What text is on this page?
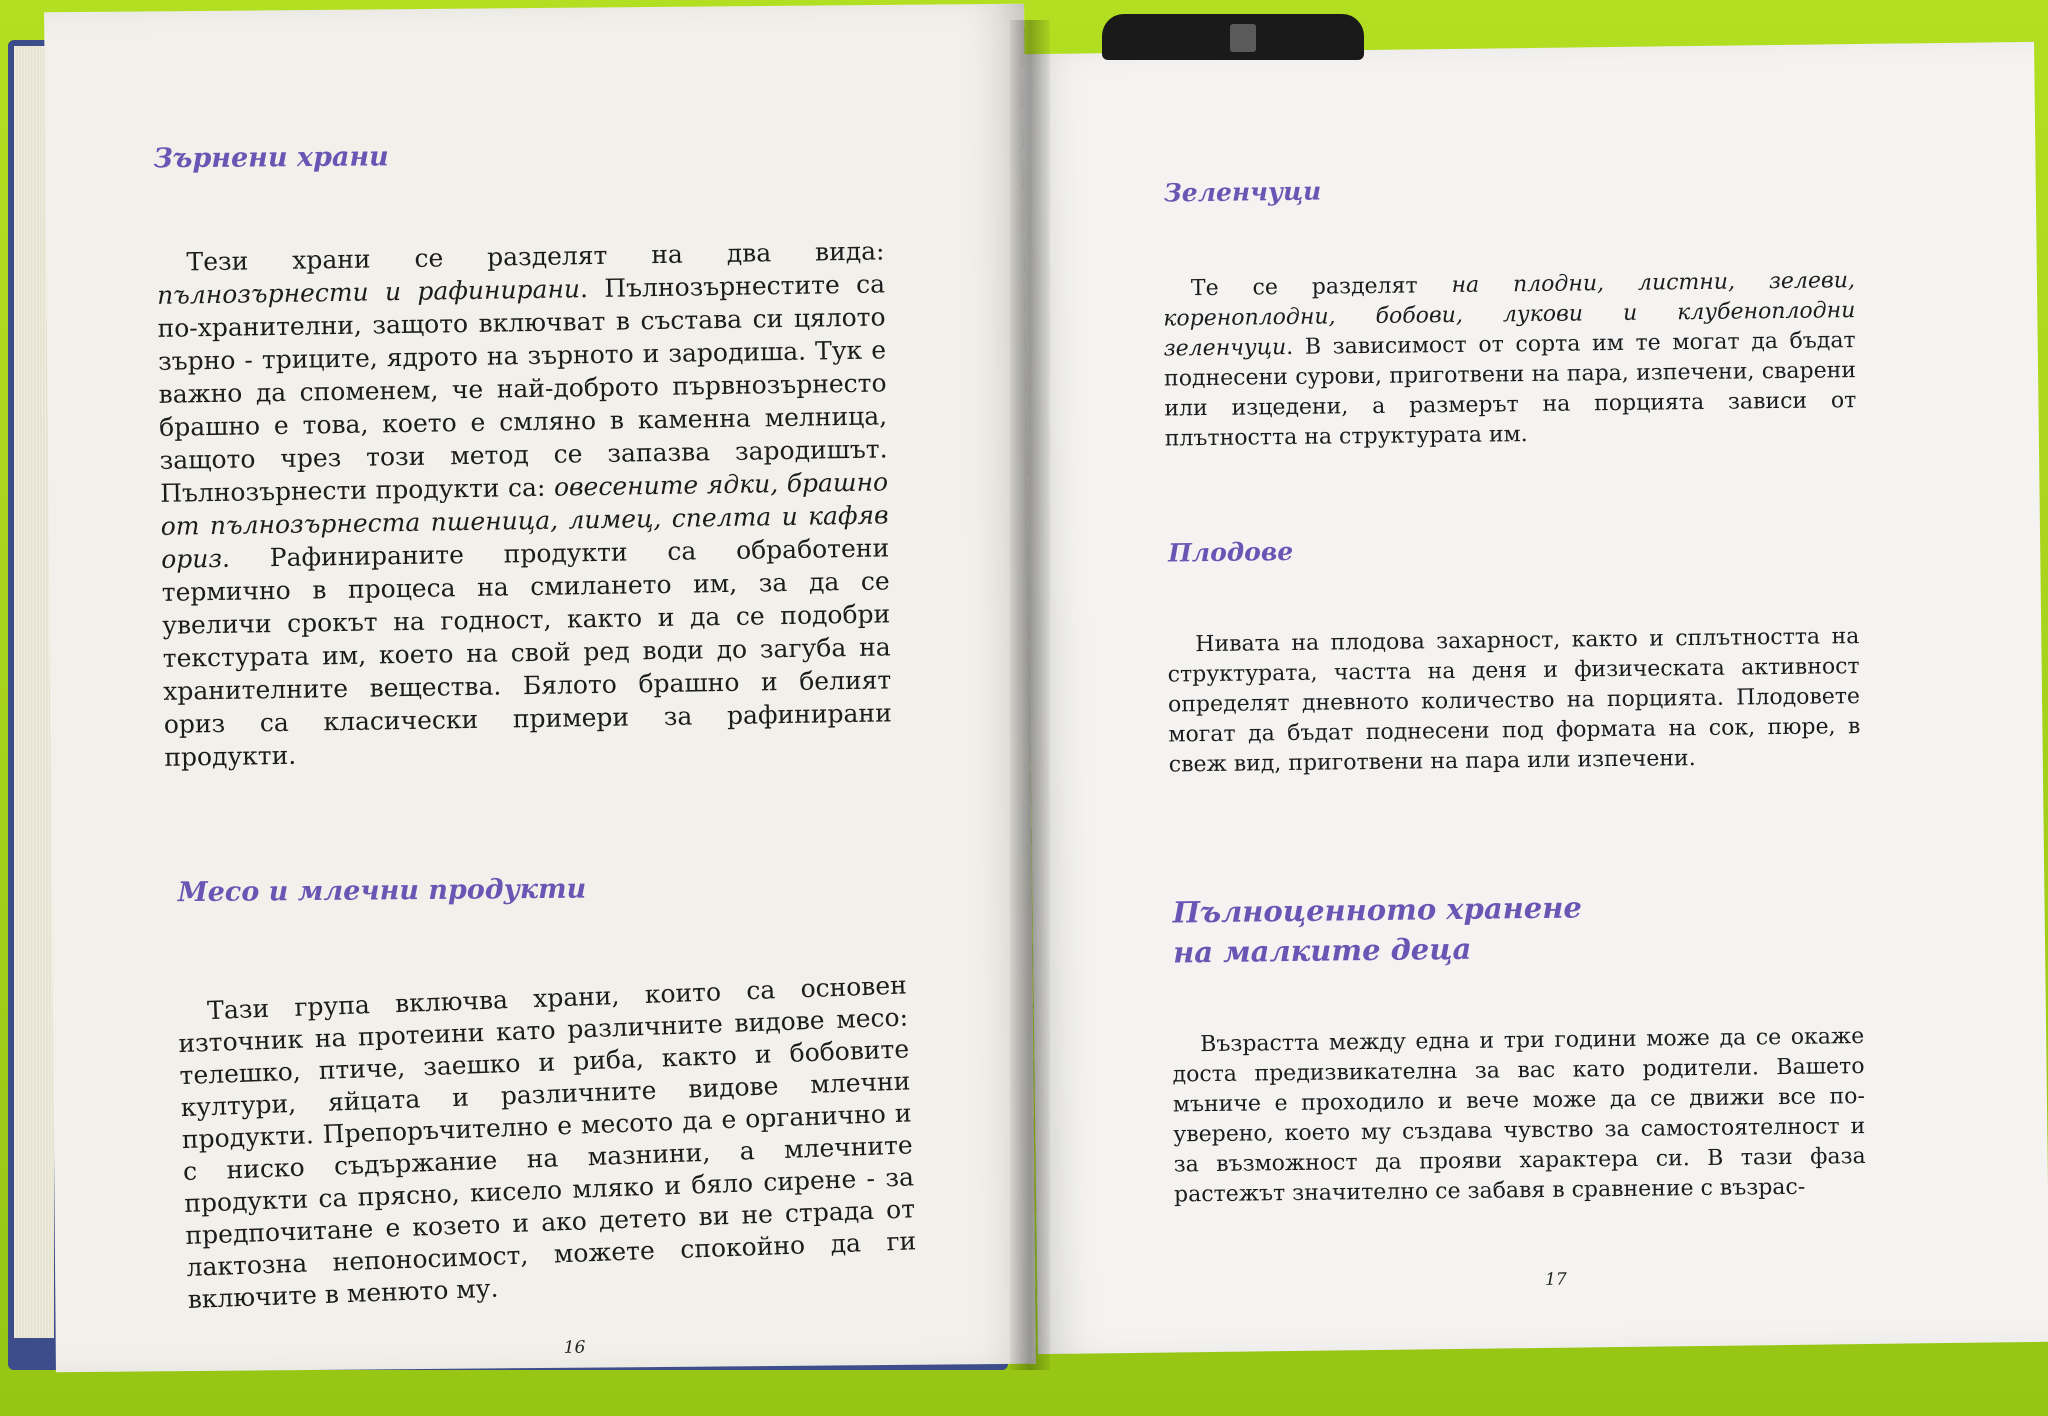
Зърнени храни

Тези храни се разделят на два вида: пълнозърнести и рафинирани. Пълнозърнестите са по-хранителни, защото включват в състава си цялото зърно - триците, ядрото на зърното и зародиша. Тук е важно да споменем, че най-доброто първнозърнесто брашно е това, което е смляно в каменна мелница, защото чрез този метод се запазва зародишът. Пълнозърнести продукти са: овесените ядки, брашно от пълнозърнеста пшеница, лимец, спелта и кафяв ориз. Рафинираните продукти са обработени термично в процеса на смилането им, за да се увеличи срокът на годност, както и да се подобри текстурата им, което на свой ред води до загуба на хранителните вещества. Бялото брашно и белият ориз са класически примери за рафинирани продукти.

Месо и млечни продукти

Тази група включва храни, които са основен източник на протеини като различните видове месо: телешко, птиче, заешко и риба, както и бобовите култури, яйцата и различните видове млечни продукти. Препоръчително е месото да е органично и с ниско съдържание на мазнини, а млечните продукти са прясно, кисело мляко и бяло сирене - за предпочитане е козето и ако детето ви не страда от лактозна непоносимост, можете спокойно да ги включите в менюто му.

16
Зеленчуци

Те се разделят на плодни, листни, зелеви, кореноплодни, бобови, лукови и клубеноплодни зеленчуци. В зависимост от сорта им те могат да бъдат поднесени сурови, приготвени на пара, изпечени, сварени или изцедени, а размерът на порцията зависи от плътността на структурата им.

Плодове

Нивата на плодова захарност, както и сплътността на структурата, частта на деня и физическата активност определят дневното количество на порцията. Плодовете могат да бъдат поднесени под формата на сок, пюре, в свеж вид, приготвени на пара или изпечени.

Пълноценното хранене
на малките деца

Възрастта между една и три години може да се окаже доста предизвикателна за вас като родители. Вашето мъниче е проходило и вече може да се движи все по-уверено, което му създава чувство за самостоятелност и за възможност да прояви характера си. В тази фаза растежът значително се забавя в сравнение с възрас-

17
